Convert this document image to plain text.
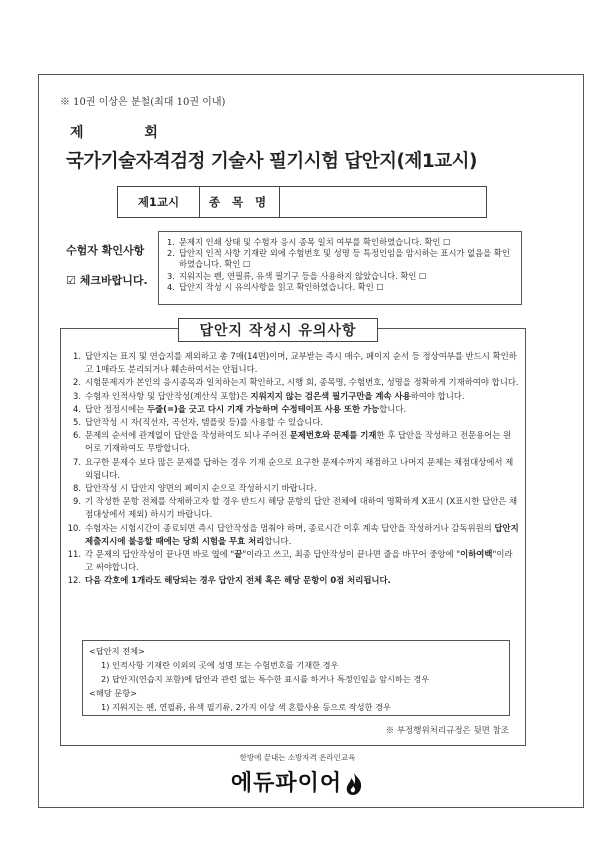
※ 10권 이상은 분철(최대 10권 이내)
제 회
국가기술자격검정 기술사 필기시험 답안지(제1교시)
제1교시	종 목 명
수험자 확인사항
☑ 체크바랍니다.
1. 문제지 인쇄 상태 및 수험자 응시 종목 일치 여부를 확인하였습니다. 확인 ☐
2. 답안지 인적 사항 기재란 외에 수험번호 및 성명 등 특정인임을 암시하는 표시가 없음을 확인하였습니다. 확인 ☐
3. 지워지는 펜, 연필류, 유색 필기구 등을 사용하지 않았습니다. 확인 ☐
4. 답안지 작성 시 유의사항을 읽고 확인하였습니다. 확인 ☐
답안지 작성시 유의사항
1. 답안지는 표지 및 연습지를 제외하고 총 7매(14면)이며, 교부받는 즉시 매수, 페이지 순서 등 정상여부를 반드시 확인하고 1매라도 분리되거나 훼손하여서는 안됩니다.
2. 시험문제지가 본인의 응시종목과 일치하는지 확인하고, 시행 회, 종목명, 수험번호, 성명을 정확하게 기재하여야 합니다.
3. 수험자 인적사항 및 답안작성(계산식 포함)은 지워지지 않는 검은색 필기구만을 계속 사용하여야 합니다.
4. 답안 정정시에는 두줄(=)을 긋고 다시 기재 가능하며 수정테이프 사용 또한 가능합니다.
5. 답안작성 시 자(직선자, 곡선자, 템플릿 등)를 사용할 수 있습니다.
6. 문제의 순서에 관계없이 답안을 작성하여도 되나 주어진 문제번호와 문제를 기재한 후 답안을 작성하고 전문용어는 원어로 기재하여도 무방합니다.
7. 요구한 문제수 보다 많은 문제를 답하는 경우 기재 순으로 요구한 문제수까지 채점하고 나머지 문제는 채점대상에서 제외됩니다.
8. 답안작성 시 답안지 양면의 페이지 순으로 작성하시기 바랍니다.
9. 기 작성한 문항 전체를 삭제하고자 할 경우 반드시 해당 문항의 답안 전체에 대하여 명확하게 X표시 (X표시한 답안은 채점대상에서 제외) 하시기 바랍니다.
10. 수험자는 시험시간이 종료되면 즉시 답안작성을 멈춰야 하며, 종료시간 이후 계속 답안을 작성하거나 감독위원의 답안지 제출지시에 불응할 때에는 당회 시험을 무효 처리합니다.
11. 각 문제의 답안작성이 끝나면 바로 옆에 "끝"이라고 쓰고, 최종 답안작성이 끝나면 줄을 바꾸어 중앙에 "이하여백"이라고 써야합니다.
12. 다음 각호에 1개라도 해당되는 경우 답안지 전체 혹은 해당 문항이 0점 처리됩니다.
<답안지 전체>
1) 인적사항 기재란 이외의 곳에 성명 또는 수험번호를 기재한 경우
2) 답안지(연습지 포함)에 답안과 관련 없는 특수한 표시를 하거나 특정인임을 암시하는 경우
<해당 문항>
1) 지워지는 펜, 연필류, 유색 필기류, 2가지 이상 색 혼합사용 등으로 작성한 경우
※ 부정행위처리규정은 뒷면 참조
한방에 끝내는 소방자격 온라인교육
에듀파이어
